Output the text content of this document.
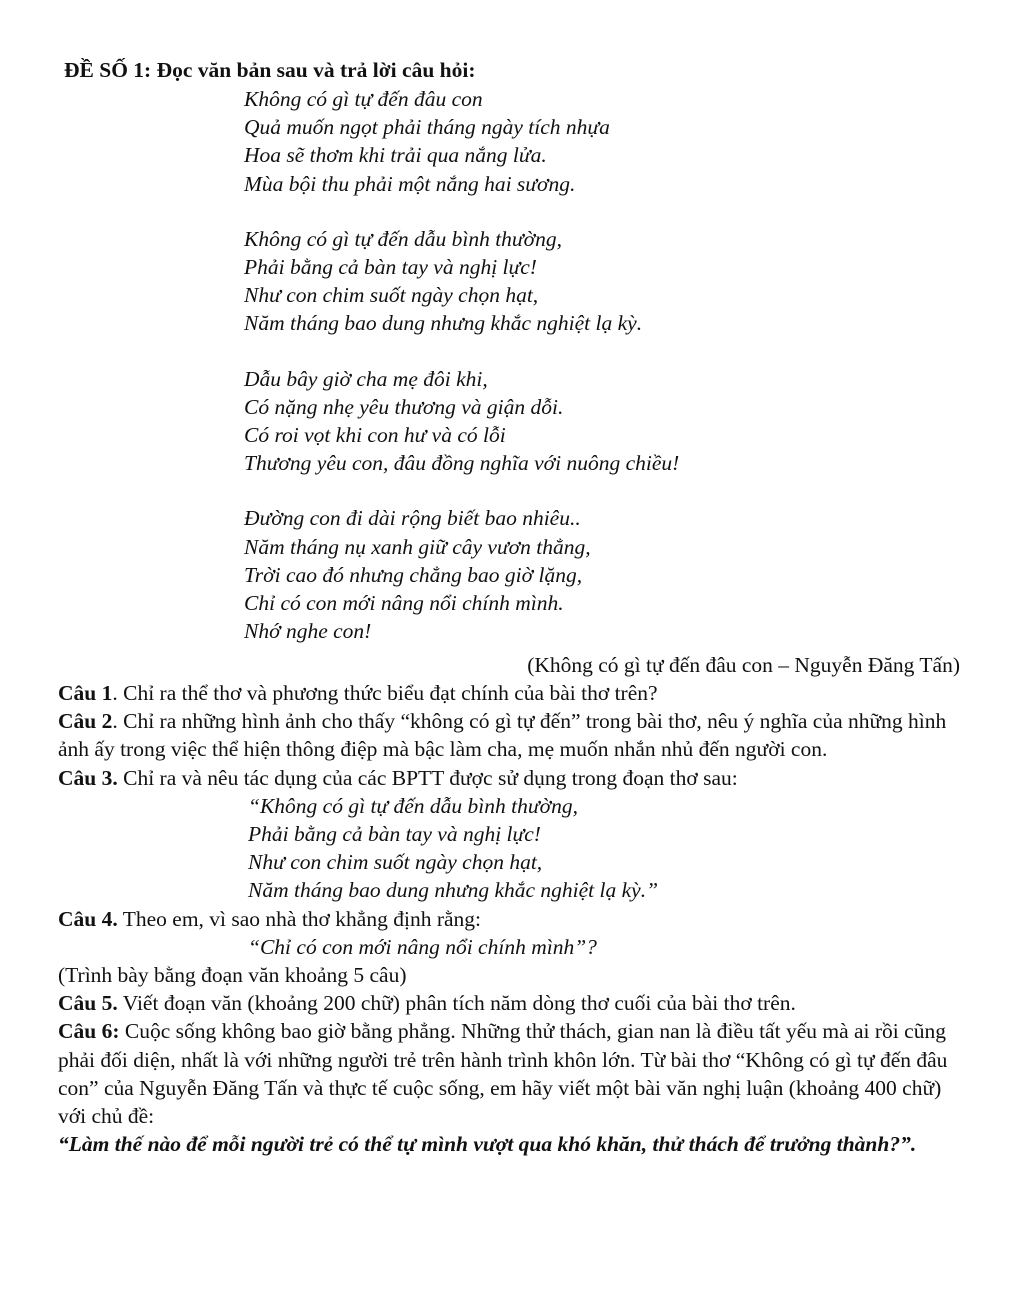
ĐỀ SỐ 1: Đọc văn bản sau và trả lời câu hỏi:
Không có gì tự đến đâu con
Quả muốn ngọt phải tháng ngày tích nhựa
Hoa sẽ thơm khi trải qua nắng lửa.
Mùa bội thu phải một nắng hai sương.
Không có gì tự đến dẫu bình thường,
Phải bằng cả bàn tay và nghị lực!
Như con chim suốt ngày chọn hạt,
Năm tháng bao dung nhưng khắc nghiệt lạ kỳ.
Dẫu bây giờ cha mẹ đôi khi,
Có nặng nhẹ yêu thương và giận dỗi.
Có roi vọt khi con hư và có lỗi
Thương yêu con, đâu đồng nghĩa với nuông chiều!
Đường con đi dài rộng biết bao nhiêu..
Năm tháng nụ xanh giữ cây vươn thẳng,
Trời cao đó nhưng chẳng bao giờ lặng,
Chỉ có con mới nâng nổi chính mình.
Nhớ nghe con!
(Không có gì tự đến đâu con – Nguyễn Đăng Tấn)

Câu 1. Chỉ ra thể thơ và phương thức biểu đạt chính của bài thơ trên?

Câu 2. Chỉ ra những hình ảnh cho thấy “không có gì tự đến” trong bài thơ, nêu ý nghĩa của những hình ảnh ấy trong việc thể hiện thông điệp mà bậc làm cha, mẹ muốn nhắn nhủ đến người con.

Câu 3. Chỉ ra và nêu tác dụng của các BPTT được sử dụng trong đoạn thơ sau:

“Không có gì tự đến dẫu bình thường,
Phải bằng cả bàn tay và nghị lực!
Như con chim suốt ngày chọn hạt,
Năm tháng bao dung nhưng khắc nghiệt lạ kỳ.”

Câu 4. Theo em, vì sao nhà thơ khẳng định rằng:

“Chỉ có con mới nâng nổi chính mình”?

(Trình bày bằng đoạn văn khoảng 5 câu)

Câu 5. Viết đoạn văn (khoảng 200 chữ) phân tích năm dòng thơ cuối của bài thơ trên.

Câu 6: Cuộc sống không bao giờ bằng phẳng. Những thử thách, gian nan là điều tất yếu mà ai rồi cũng phải đối diện, nhất là với những người trẻ trên hành trình khôn lớn. Từ bài thơ “Không có gì tự đến đâu con” của Nguyễn Đăng Tấn và thực tế cuộc sống, em hãy viết một bài văn nghị luận (khoảng 400 chữ) với chủ đề:

“Làm thế nào để mỗi người trẻ có thể tự mình vượt qua khó khăn, thử thách để trưởng thành?”.
